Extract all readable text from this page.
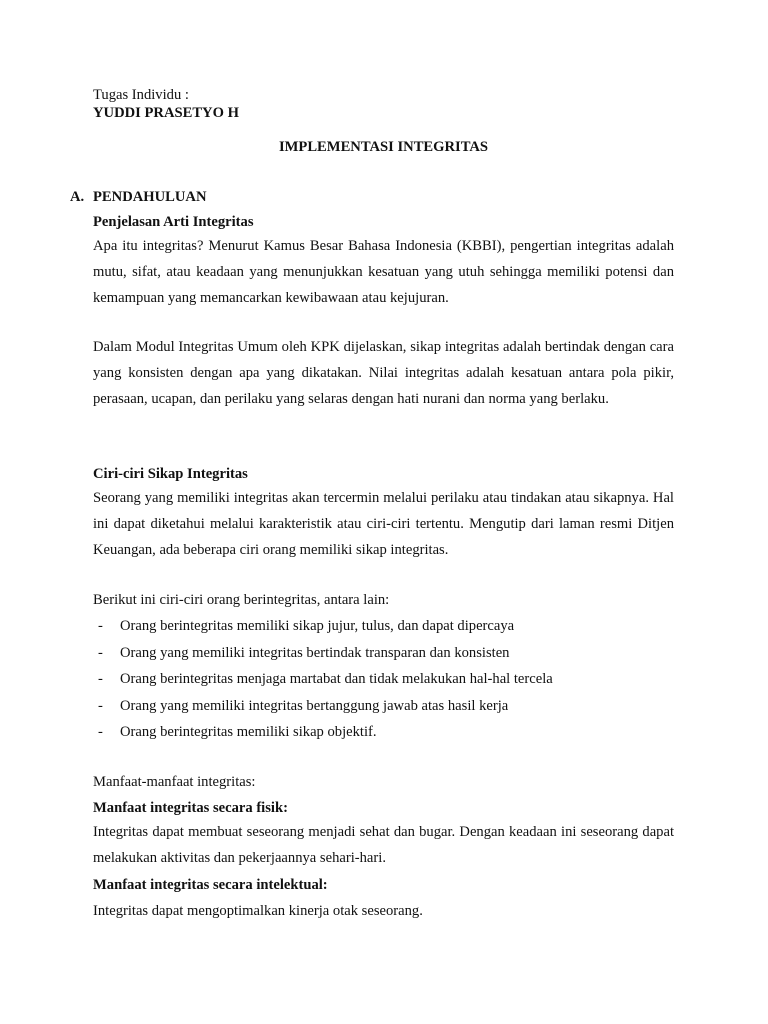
Tugas Individu :
YUDDI PRASETYO H
IMPLEMENTASI INTEGRITAS
A. PENDAHULUAN
Penjelasan Arti Integritas
Apa itu integritas? Menurut Kamus Besar Bahasa Indonesia (KBBI), pengertian integritas adalah mutu, sifat, atau keadaan yang menunjukkan kesatuan yang utuh sehingga memiliki potensi dan kemampuan yang memancarkan kewibawaan atau kejujuran.
Dalam Modul Integritas Umum oleh KPK dijelaskan, sikap integritas adalah bertindak dengan cara yang konsisten dengan apa yang dikatakan. Nilai integritas adalah kesatuan antara pola pikir, perasaan, ucapan, dan perilaku yang selaras dengan hati nurani dan norma yang berlaku.
Ciri-ciri Sikap Integritas
Seorang yang memiliki integritas akan tercermin melalui perilaku atau tindakan atau sikapnya. Hal ini dapat diketahui melalui karakteristik atau ciri-ciri tertentu. Mengutip dari laman resmi Ditjen Keuangan, ada beberapa ciri orang memiliki sikap integritas.
Berikut ini ciri-ciri orang berintegritas, antara lain:
- Orang berintegritas memiliki sikap jujur, tulus, dan dapat dipercaya
- Orang yang memiliki integritas bertindak transparan dan konsisten
- Orang berintegritas menjaga martabat dan tidak melakukan hal-hal tercela
- Orang yang memiliki integritas bertanggung jawab atas hasil kerja
- Orang berintegritas memiliki sikap objektif.
Manfaat-manfaat integritas:
Manfaat integritas secara fisik:
Integritas dapat membuat seseorang menjadi sehat dan bugar. Dengan keadaan ini seseorang dapat melakukan aktivitas dan pekerjaannya sehari-hari.
Manfaat integritas secara intelektual:
Integritas dapat mengoptimalkan kinerja otak seseorang.
